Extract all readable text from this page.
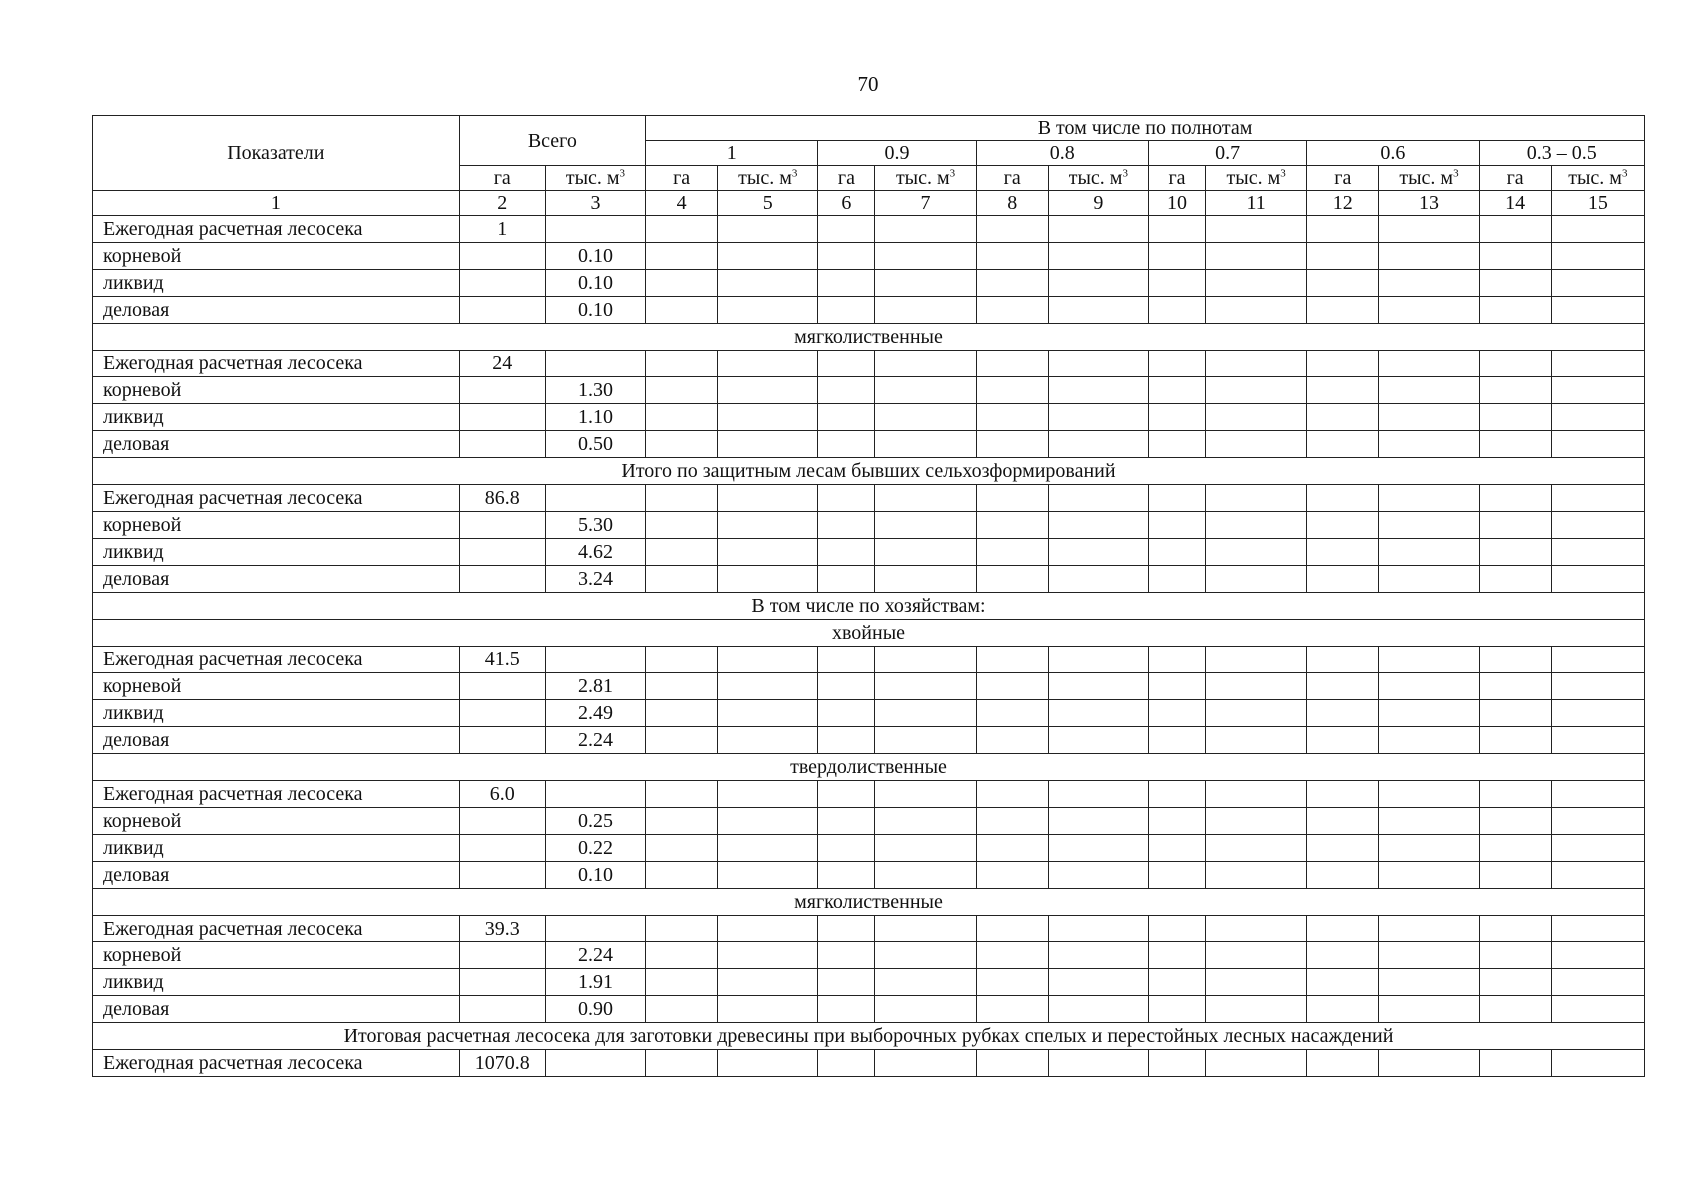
70
Показатели	Всего		В том числе по полнотам											
			1		0.9		0.8		0.7		0.6		0.3 – 0.5	
	га	тыс. $м^3$	га	тыс. $м^3$	га	тыс. $м^3$	га	тыс. $м^3$	га	тыс. $м^3$	га	тыс. $м^3$	га	тыс. $м^3$
1	2	3	4	5	6	7	8	9	10	11	12	13	14	15
Ежегодная расчетная лесосека	1													
корневой		0.10												
ликвид		0.10												
деловая		0.10												
мягколиственные														
Ежегодная расчетная лесосека	24													
корневой		1.30												
ликвид		1.10												
деловая		0.50												
Итого по защитным лесам бывших сельхозформирований														
Ежегодная расчетная лесосека	86.8													
корневой		5.30												
ликвид		4.62												
деловая		3.24												
В том числе по хозяйствам:														
хвойные														
Ежегодная расчетная лесосека	41.5													
корневой		2.81												
ликвид		2.49												
деловая		2.24												
твердолиственные														
Ежегодная расчетная лесосека	6.0													
корневой		0.25												
ликвид		0.22												
деловая		0.10												
мягколиственные														
Ежегодная расчетная лесосека	39.3													
корневой		2.24												
ликвид		1.91												
деловая		0.90												
Итоговая расчетная лесосека для заготовки древесины при выборочных рубках спелых и перестойных лесных насаждений														
Ежегодная расчетная лесосека	1070.8													
